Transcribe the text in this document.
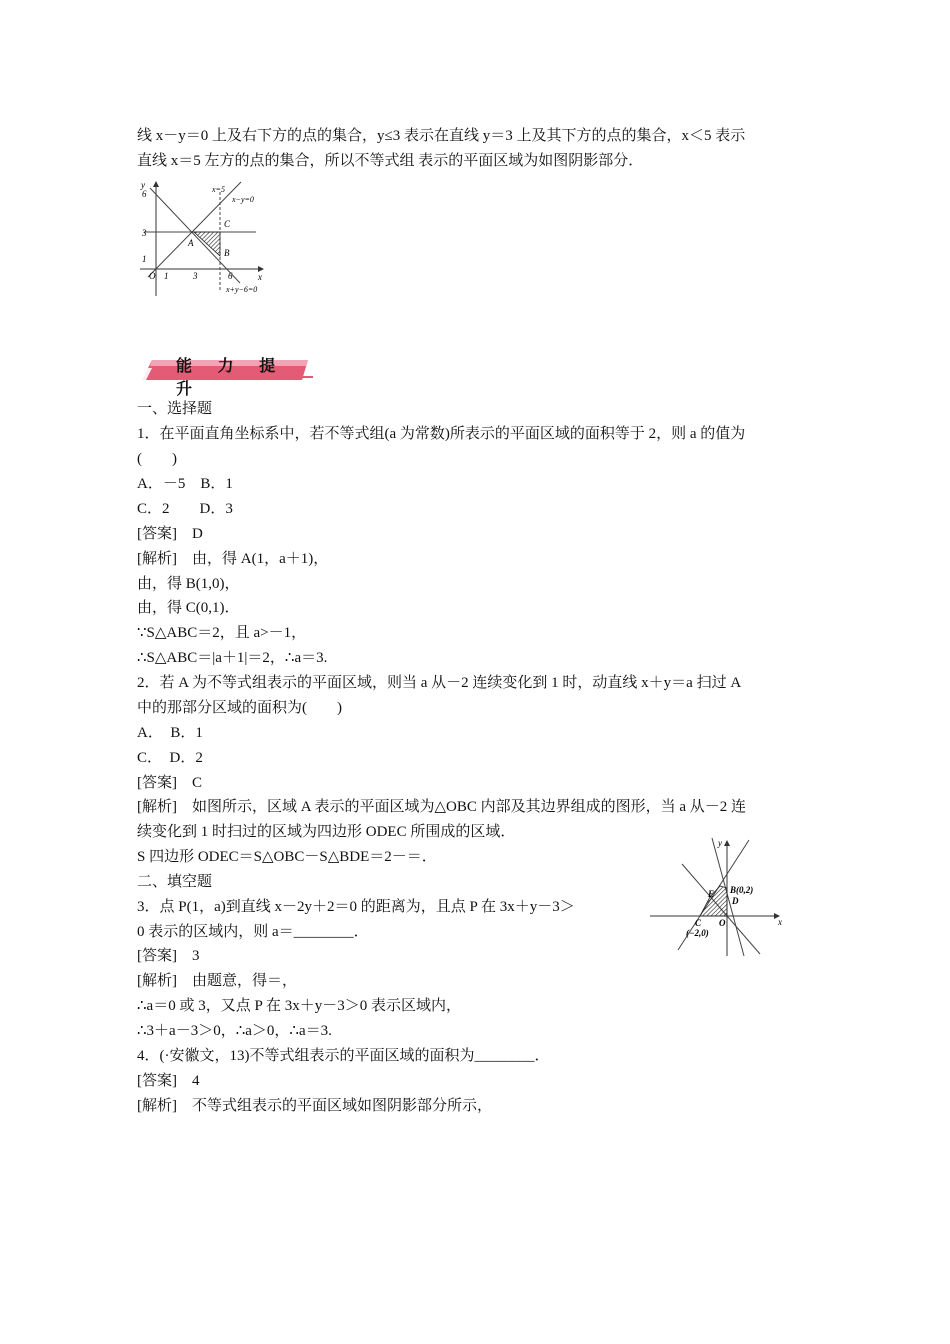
线 x－y＝0 上及右下方的点的集合，y≤3 表示在直线 y＝3 上及其下方的点的集合，x＜5 表示
直线 x＝5 左方的点的集合，所以不等式组 表示的平面区域为如图阴影部分．
y
x
6
3
1
O 1	3	6
x=5
x−y=0
x+y−6=0
A
B
C
能 力 提 升
一、选择题
1．在平面直角坐标系中，若不等式组(a 为常数)所表示的平面区域的面积等于 2，则 a 的值为
(　　)
A．－5　B．1
C．2　　D．3
[答案]　D
[解析]　由，得 A(1，a＋1)，
由，得 B(1,0)，
由，得 C(0,1)．
∵S△ABC＝2，且 a>－1，
∴S△ABC＝|a＋1|＝2，∴a＝3.
2．若 A 为不等式组表示的平面区域，则当 a 从－2 连续变化到 1 时，动直线 x＋y＝a 扫过 A
中的那部分区域的面积为(　　)
A．　B．1
C．　D．2
[答案]　C
[解析]　如图所示，区域 A 表示的平面区域为△OBC 内部及其边界组成的图形，当 a 从－2 连
续变化到 1 时扫过的区域为四边形 ODEC 所围成的区域．
S 四边形 ODEC＝S△OBC－S△BDE＝2－＝．
二、填空题
3．点 P(1，a)到直线 x－2y＋2＝0 的距离为，且点 P 在 3x＋y－3＞
0 表示的区域内，则 a＝________．
[答案]　3
[解析]　由题意，得＝，
∴a＝0 或 3，又点 P 在 3x＋y－3＞0 表示区域内，
∴3＋a－3＞0，∴a＞0，∴a＝3.
4．(·安徽文，13)不等式组表示的平面区域的面积为________．
[答案]　4
[解析]　不等式组表示的平面区域如图阴影部分所示，
y
x
B(0,2)
D
E
O
C
(−2,0)
